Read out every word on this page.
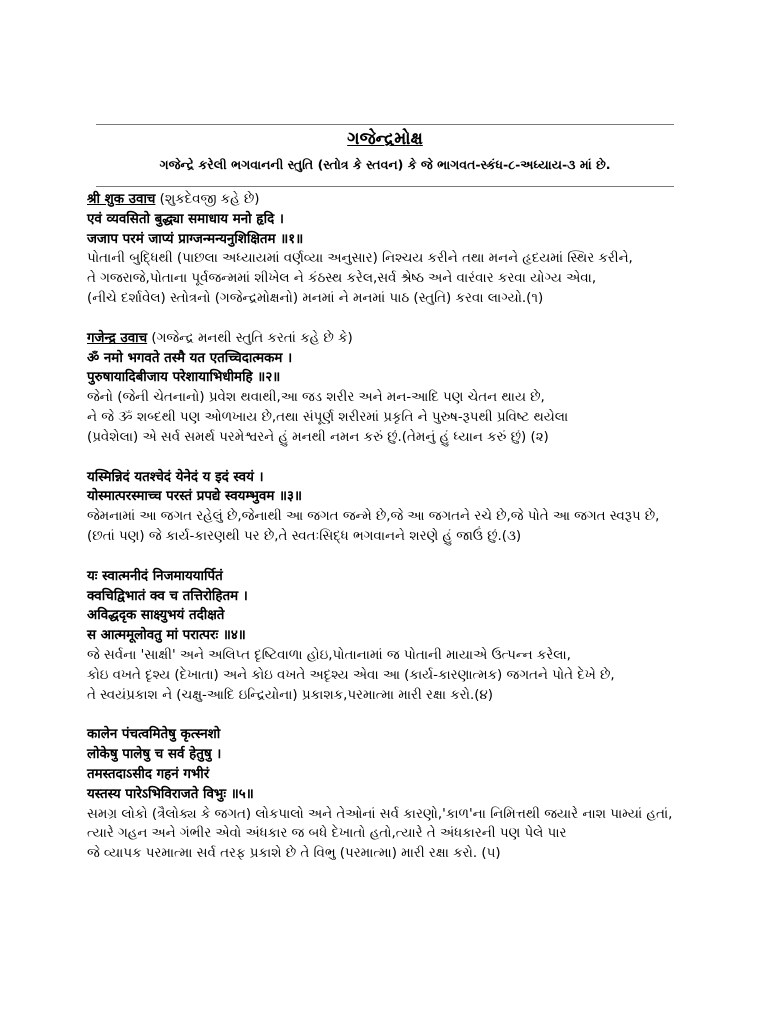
ગજેન્દ્રમોક્ષ
ગજેન્દ્રે કરેલી ભગવાનની સ્તુતિ (સ્તોત્ર કે સ્તવન) કે જે ભાગવત-સ્કંધ-૮-અધ્યાય-૩ માં છે.
श्री शुक उवाच (શુકદેવજી કહે છે)
एवं व्यवसितो बुद्ध्या समाधाय मनो हृदि ।
जजाप परमं जाप्यं प्राग्जन्मन्यनुशिक्षितम ॥१॥
પોતાની બુદ્ધિથી (પાછલા અધ્યાયમાં વર્ણવ્યા અનુસાર) નિશ્ચય કરીને તથા મનને હૃદયમાં સ્થિર કરીને,
તે ગજરાજે,પોતાના પૂર્વજન્મમાં શીખેલ ને કંઠસ્થ કરેલ,સર્વ શ્રેષ્ઠ અને વારંવાર કરવા યોગ્ય એવા,
(નીચે દર્શાવેલ) સ્તોત્રનો (ગજેન્દ્રમોક્ષનો) મનમાં ને મનમાં પાઠ (સ્તુતિ) કરવા લાગ્યો.(૧)
गजेन्द्र उवाच (ગજેન્દ્ર મનથી સ્તુતિ કરતાં કહે છે કે)
ॐ नमो भगवते तस्मै यत एतच्चिदात्मकम ।
पुरुषायादिबीजाय परेशायाभिधीमहि ॥२॥
જેનો (જેની ચેતનાનો) પ્રવેશ થવાથી,આ જડ શરીર અને મન-આદિ પણ ચેતન થાય છે,
ને જે ૐ શબ્દથી પણ ઓળખાય છે,તથા સંપૂર્ણ શરીરમાં પ્રકૃતિ ને પુરુષ-રૂપથી પ્રવિષ્ટ થયેલા
(પ્રવેશેલા) એ સર્વ સમર્થ પરમેશ્વરને હું મનથી નમન કરું છું.(તેમનું હું ધ્યાન કરું છું) (૨)
यस्मिन्निदं यतश्चेदं येनेदं य इदं स्वयं ।
योस्मात्परस्माच्च परस्तं प्रपद्ये स्वयम्भुवम ॥३॥
જેમનામાં આ જગત રહેલું છે,જેનાથી આ જગત જન્મે છે,જે આ જગતને રચે છે,જે પોતે આ જગત સ્વરૂપ છે,
(છતાં પણ) જે કાર્ય-કારણથી પર છે,તે સ્વતઃસિદ્ધ ભગવાનને શરણે હું જાઉં છું.(૩)
यः स्वात्मनीदं निजमाययार्पितं
क्वचिद्विभातं क्व च तत्तिरोहितम ।
अविद्धदृक साक्ष्युभयं तदीक्षते
स आत्ममूलोवतु मां परात्परः ॥४॥
જે સર્વના 'સાક્ષી' અને અલિપ્ત દૃષ્ટિવાળા હોઇ,પોતાનામાં જ પોતાની માયાએ ઉત્પન્ન કરેલા,
કોઇ વખતે દૃશ્ય (દેખાતા) અને કોઇ વખતે અદૃશ્ય એવા આ (કાર્ય-કારણાત્મક) જગતને પોતે દેખે છે,
તે સ્વયંપ્રકાશ ને (ચક્ષુ-આદિ ઇન્દ્રિયોના) પ્રકાશક,પરમાત્મા મારી રક્ષા કરો.(૪)
कालेन पंचत्वमितेषु कृत्स्नशो
लोकेषु पालेषु च सर्व हेतुषु ।
तमस्तदाऽसीद गहनं गभीरं
यस्तस्य पारेऽभिविराजते विभुः ॥५॥
સમગ્ર લોકો (ત્રૈલોક્ય કે જગત) લોકપાલો અને તેઓનાં સર્વ કારણો,'કાળ'ના નિમિત્તથી જયારે નાશ પામ્યાં હતાં,
ત્યારે ગહન અને ગંભીર એવો અંધકાર જ બધે દેખાતો હતો,ત્યારે તે અંધકારની પણ પેલે પાર
જે વ્યાપક પરમાત્મા સર્વ તરફ પ્રકાશે છે તે વિભુ (પરમાત્મા) મારી રક્ષા કરો. (૫)
